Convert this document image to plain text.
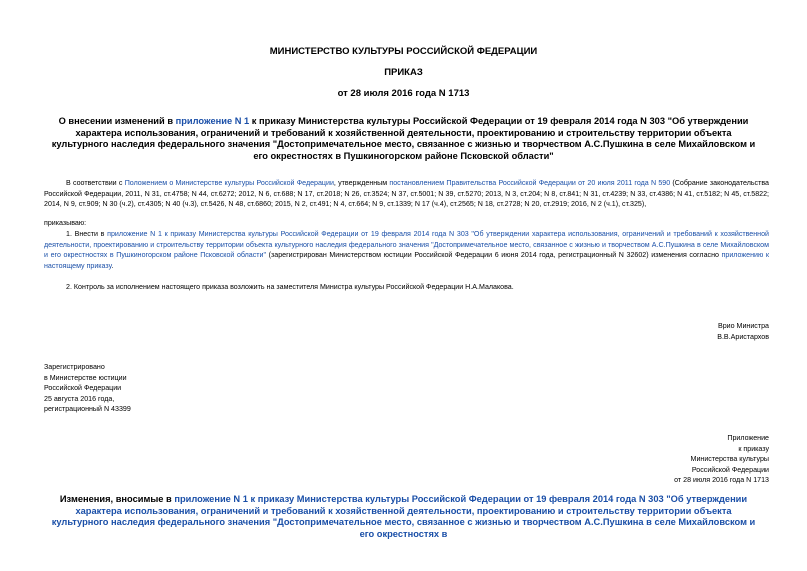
МИНИСТЕРСТВО КУЛЬТУРЫ РОССИЙСКОЙ ФЕДЕРАЦИИ
ПРИКАЗ
от 28 июля 2016 года N 1713
О внесении изменений в приложение N 1 к приказу Министерства культуры Российской Федерации от 19 февраля 2014 года N 303 "Об утверждении характера использования, ограничений и требований к хозяйственной деятельности, проектированию и строительству территории объекта культурного наследия федерального значения "Достопримечательное место, связанное с жизнью и творчеством А.С.Пушкина в селе Михайловском и его окрестностях в Пушкиногорском районе Псковской области"
В соответствии с Положением о Министерстве культуры Российской Федерации, утвержденным постановлением Правительства Российской Федерации от 20 июля 2011 года N 590 (Собрание законодательства Российской Федерации, 2011, N 31, ст.4758; N 44, ст.6272; 2012, N 6, ст.688; N 17, ст.2018; N 26, ст.3524; N 37, ст.5001; N 39, ст.5270; 2013, N 3, ст.204; N 8, ст.841; N 31, ст.4239; N 33, ст.4386; N 41, ст.5182; N 45, ст.5822; 2014, N 9, ст.909; N 30 (ч.2), ст.4305; N 40 (ч.3), ст.5426, N 48, ст.6860; 2015, N 2, ст.491; N 4, ст.664; N 9, ст.1339; N 17 (ч.4), ст.2565; N 18, ст.2728; N 20, ст.2919; 2016, N 2 (ч.1), ст.325),
приказываю:
1. Внести в приложение N 1 к приказу Министерства культуры Российской Федерации от 19 февраля 2014 года N 303 "Об утверждении характера использования, ограничений и требований к хозяйственной деятельности, проектированию и строительству территории объекта культурного наследия федерального значения "Достопримечательное место, связанное с жизнью и творчеством А.С.Пушкина в селе Михайловском и его окрестностях в Пушкиногорском районе Псковской области" (зарегистрирован Министерством юстиции Российской Федерации 6 июня 2014 года, регистрационный N 32602) изменения согласно приложению к настоящему приказу.
2. Контроль за исполнением настоящего приказа возложить на заместителя Министра культуры Российской Федерации Н.А.Малакова.
Врио Министра
В.В.Аристархов
Зарегистрировано
в Министерстве юстиции
Российской Федерации
25 августа 2016 года,
регистрационный N 43399
Приложение
к приказу
Министерства культуры
Российской Федерации
от 28 июля 2016 года N 1713
Изменения, вносимые в приложение N 1 к приказу Министерства культуры Российской Федерации от 19 февраля 2014 года N 303 "Об утверждении характера использования, ограничений и требований к хозяйственной деятельности, проектированию и строительству территории объекта культурного наследия федерального значения "Достопримечательное место, связанное с жизнью и творчеством А.С.Пушкина в селе Михайловском и его окрестностях в
